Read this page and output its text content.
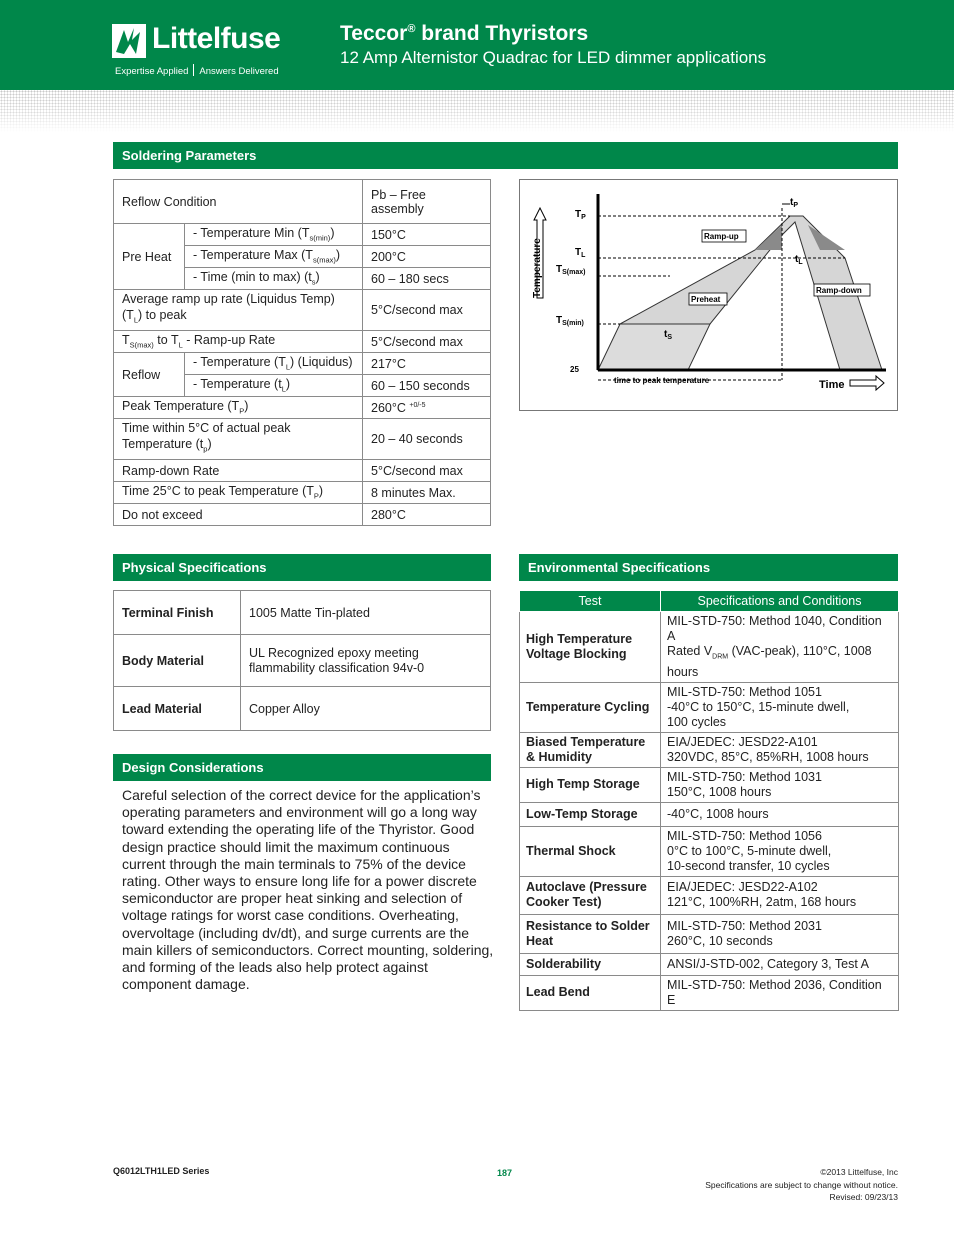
Littelfuse
Expertise Applied Answers Delivered
Teccor® brand Thyristors
12 Amp Alternistor Quadrac for LED dimmer applications
Soldering Parameters
Reflow Condition		Pb – Free assembly
Pre Heat	- Temperature Min $(T_{s(min)})$	150°C
	- Temperature Max $(T_{s(max)})$	200°C
	- Time (min to max) $(t_s)$	60 – 180 secs
Average ramp up rate (Liquidus Temp) $(T_L)$ to peak		5°C/second max
$T_{S(max)}$ to $T_L$ - Ramp-up Rate		5°C/second max
Reflow	- Temperature $(T_L)$ (Liquidus)	217°C
	- Temperature $(t_L)$	60 – 150 seconds
Peak Temperature $(T_P)$		260°C $^{+0/-5}$
Time within 5°C of actual peak Temperature $(t_p)$		20 – 40 seconds
Ramp-down Rate		5°C/second max
Time 25°C to peak Temperature $(T_P)$		8 minutes Max.
Do not exceed		280°C
Temperature
Time
$T_P$
$T_L$
$T_{S(max)}$
$T_{S(min)}$
25
$t_P$
$t_L$
$t_S$
Ramp-up
Preheat
Ramp-down
time to peak temperature
Physical Specifications
Terminal Finish	1005 Matte Tin-plated
Body Material	UL Recognized epoxy meeting flammability classification 94v-0
Lead Material	Copper Alloy
Design Considerations
Careful selection of the correct device for the application’s operating parameters and environment will go a long way toward extending the operating life of the Thyristor. Good design practice should limit the maximum continuous current through the main terminals to 75% of the device rating. Other ways to ensure long life for a power discrete semiconductor are proper heat sinking and selection of voltage ratings for worst case conditions. Overheating, overvoltage (including dv/dt), and surge currents are the main killers of semiconductors. Correct mounting, soldering, and forming of the leads also help protect against component damage.
Environmental Specifications
Test	Specifications and Conditions
High Temperature Voltage Blocking	MIL-STD-750: Method 1040, Condition A
Rated $V_{DRM}$ (VAC-peak), 110°C, 1008 hours

Temperature Cycling	MIL-STD-750: Method 1051
-40°C to 150°C, 15-minute dwell,
100 cycles

Biased Temperature & Humidity	EIA/JEDEC: JESD22-A101
320VDC, 85°C, 85%RH, 1008 hours

High Temp Storage	MIL-STD-750: Method 1031
150°C, 1008 hours

Low-Temp Storage	-40°C, 1008 hours
Thermal Shock	MIL-STD-750: Method 1056
0°C to 100°C, 5-minute dwell,
10-second transfer, 10 cycles

Autoclave (Pressure Cooker Test)	EIA/JEDEC: JESD22-A102
121°C, 100%RH, 2atm, 168 hours

Resistance to Solder Heat	MIL-STD-750: Method 2031
260°C, 10 seconds

Solderability	ANSI/J-STD-002, Category 3, Test A
Lead Bend	MIL-STD-750: Method 2036, Condition E
Q6012LTH1LED Series	187	©2013 Littelfuse, Inc
Specifications are subject to change without notice.
Revised: 09/23/13
